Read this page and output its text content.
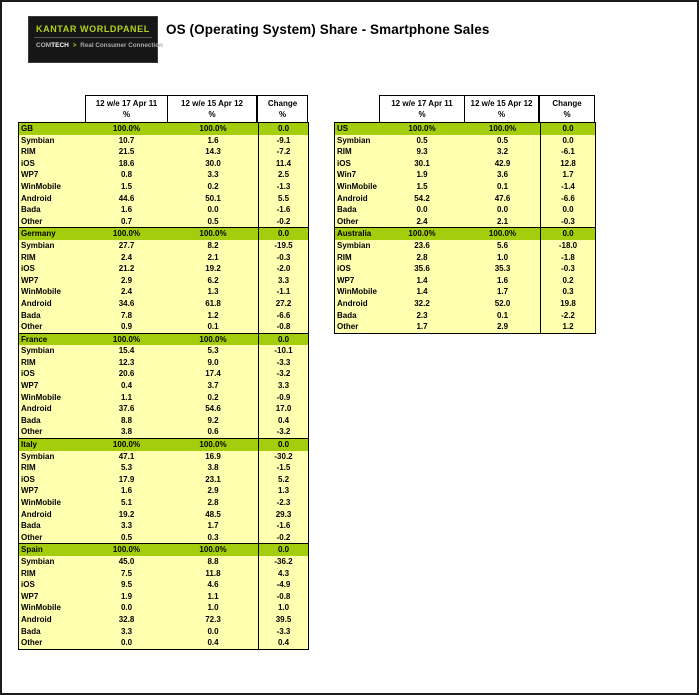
KANTAR WORLDPANEL
COMTECH > Real Consumer Connection
OS (Operating System) Share - Smartphone Sales
12 w/e 17 Apr 11
%
12 w/e 15 Apr 12
%
Change
%
GB	100.0%	100.0%	0.0
Symbian	10.7	1.6	-9.1
RIM	21.5	14.3	-7.2
iOS	18.6	30.0	11.4
WP7	0.8	3.3	2.5
WinMobile	1.5	0.2	-1.3
Android	44.6	50.1	5.5
Bada	1.6	0.0	-1.6
Other	0.7	0.5	-0.2
Germany	100.0%	100.0%	0.0
Symbian	27.7	8.2	-19.5
RIM	2.4	2.1	-0.3
iOS	21.2	19.2	-2.0
WP7	2.9	6.2	3.3
WinMobile	2.4	1.3	-1.1
Android	34.6	61.8	27.2
Bada	7.8	1.2	-6.6
Other	0.9	0.1	-0.8
France	100.0%	100.0%	0.0
Symbian	15.4	5.3	-10.1
RIM	12.3	9.0	-3.3
iOS	20.6	17.4	-3.2
WP7	0.4	3.7	3.3
WinMobile	1.1	0.2	-0.9
Android	37.6	54.6	17.0
Bada	8.8	9.2	0.4
Other	3.8	0.6	-3.2
Italy	100.0%	100.0%	0.0
Symbian	47.1	16.9	-30.2
RIM	5.3	3.8	-1.5
iOS	17.9	23.1	5.2
WP7	1.6	2.9	1.3
WinMobile	5.1	2.8	-2.3
Android	19.2	48.5	29.3
Bada	3.3	1.7	-1.6
Other	0.5	0.3	-0.2
Spain	100.0%	100.0%	0.0
Symbian	45.0	8.8	-36.2
RIM	7.5	11.8	4.3
iOS	9.5	4.6	-4.9
WP7	1.9	1.1	-0.8
WinMobile	0.0	1.0	1.0
Android	32.8	72.3	39.5
Bada	3.3	0.0	-3.3
Other	0.0	0.4	0.4
12 w/e 17 Apr 11
%
12 w/e 15 Apr 12
%
Change
%
US	100.0%	100.0%	0.0
Symbian	0.5	0.5	0.0
RIM	9.3	3.2	-6.1
iOS	30.1	42.9	12.8
Win7	1.9	3.6	1.7
WinMobile	1.5	0.1	-1.4
Android	54.2	47.6	-6.6
Bada	0.0	0.0	0.0
Other	2.4	2.1	-0.3
Australia	100.0%	100.0%	0.0
Symbian	23.6	5.6	-18.0
RIM	2.8	1.0	-1.8
iOS	35.6	35.3	-0.3
WP7	1.4	1.6	0.2
WinMobile	1.4	1.7	0.3
Android	32.2	52.0	19.8
Bada	2.3	0.1	-2.2
Other	1.7	2.9	1.2
